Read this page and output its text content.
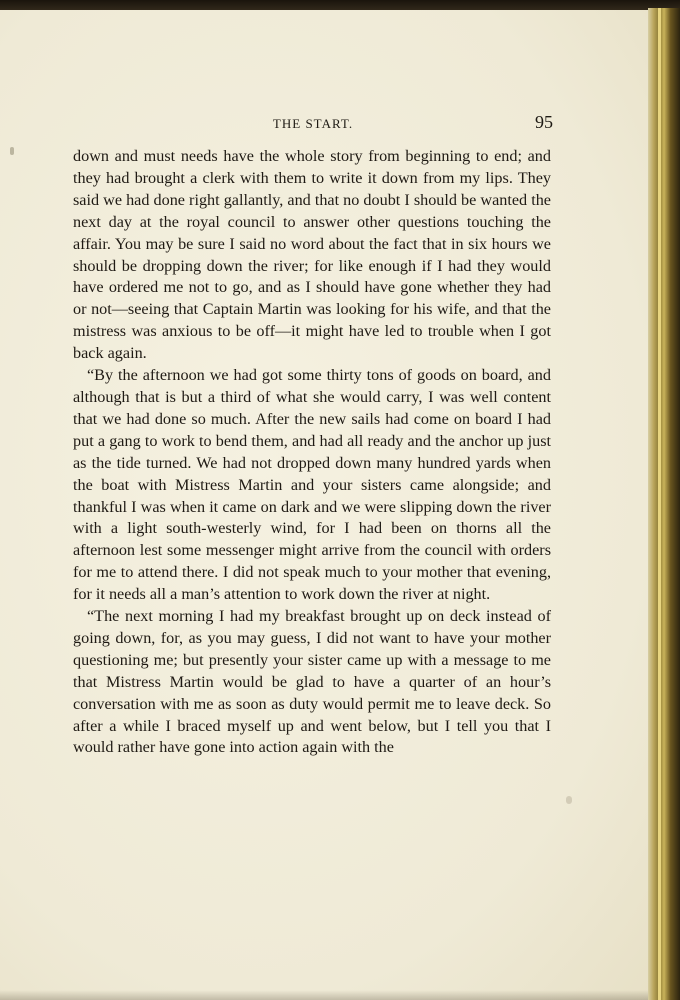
THE START.	95

down and must needs have the whole story from beginning to end; and they had brought a clerk with them to write it down from my lips. They said we had done right gallantly, and that no doubt I should be wanted the next day at the royal council to answer other questions touching the affair. You may be sure I said no word about the fact that in six hours we should be dropping down the river; for like enough if I had they would have ordered me not to go, and as I should have gone whether they had or not—seeing that Captain Martin was looking for his wife, and that the mistress was anxious to be off—it might have led to trouble when I got back again.

“By the afternoon we had got some thirty tons of goods on board, and although that is but a third of what she would carry, I was well content that we had done so much. After the new sails had come on board I had put a gang to work to bend them, and had all ready and the anchor up just as the tide turned. We had not dropped down many hundred yards when the boat with Mistress Martin and your sisters came alongside; and thankful I was when it came on dark and we were slipping down the river with a light south-westerly wind, for I had been on thorns all the afternoon lest some messenger might arrive from the council with orders for me to attend there. I did not speak much to your mother that evening, for it needs all a man’s attention to work down the river at night.

“The next morning I had my breakfast brought up on deck instead of going down, for, as you may guess, I did not want to have your mother questioning me; but presently your sister came up with a message to me that Mistress Martin would be glad to have a quarter of an hour’s conversation with me as soon as duty would permit me to leave deck. So after a while I braced myself up and went below, but I tell you that I would rather have gone into action again with the
